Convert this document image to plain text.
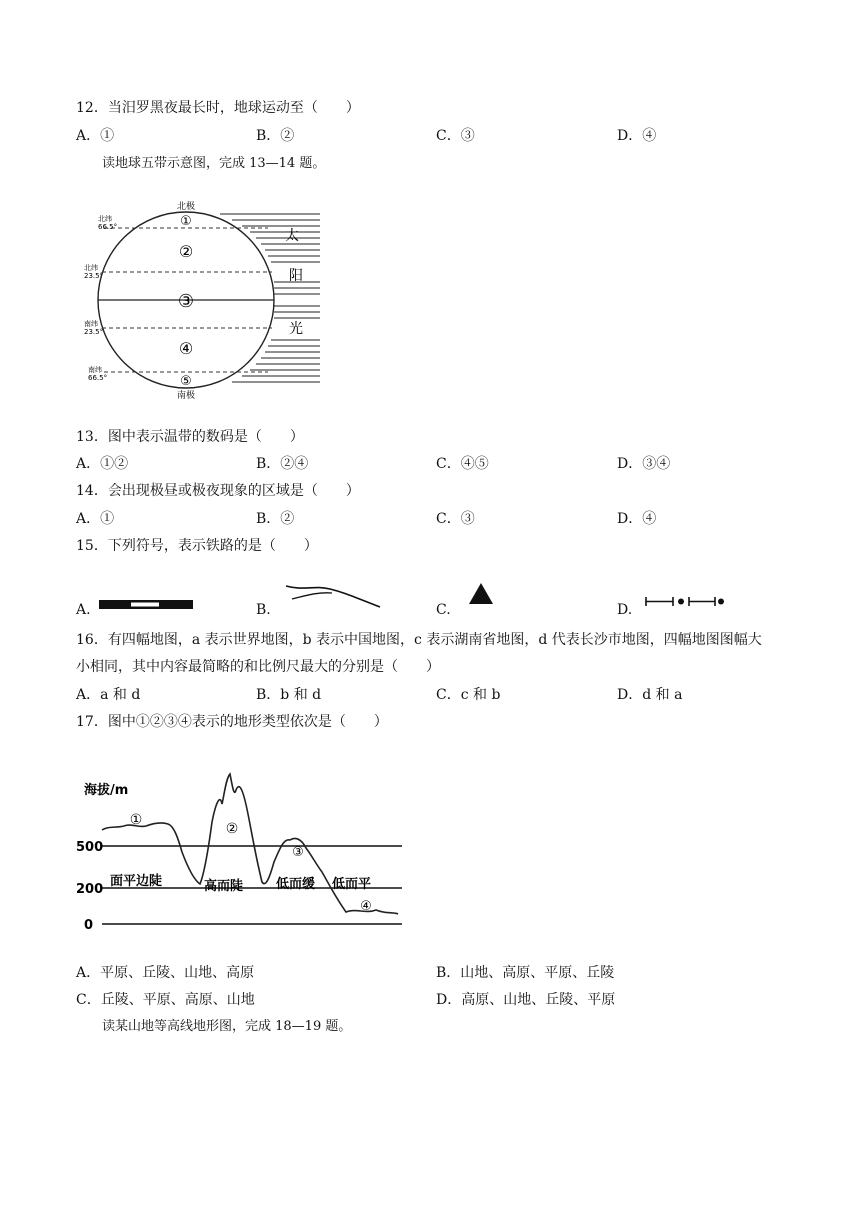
12．当汨罗黑夜最长时，地球运动至（　　）
A．①	B．②	C．③	D．④
读地球五带示意图，完成 13—14 题。
太
阳
光
北极
南极
北纬
66.5°
北纬
23.5°
南纬
23.5°
南纬
66.5°
①
②
③
④
⑤
13．图中表示温带的数码是（　　）
A．①②	B．②④	C．④⑤	D．③④
14．会出现极昼或极夜现象的区域是（　　）
A．①	B．②	C．③	D．④
15．下列符号，表示铁路的是（　　）
A.	B.	C.	D.
16．有四幅地图，a 表示世界地图，b 表示中国地图，c 表示湖南省地图，d 代表长沙市地图，四幅地图图幅大
小相同，其中内容最简略的和比例尺最大的分别是（　　）
A．a 和 d	B．b 和 d	C．c 和 b	D．d 和 a
17．图中①②③④表示的地形类型依次是（　　）
海拔/m
500
200
0
①
②
③
④
面平边陡	高而陡	低而缓 低而平
A．平原、丘陵、山地、高原	B．山地、高原、平原、丘陵
C．丘陵、平原、高原、山地	D．高原、山地、丘陵、平原
读某山地等高线地形图，完成 18—19 题。
